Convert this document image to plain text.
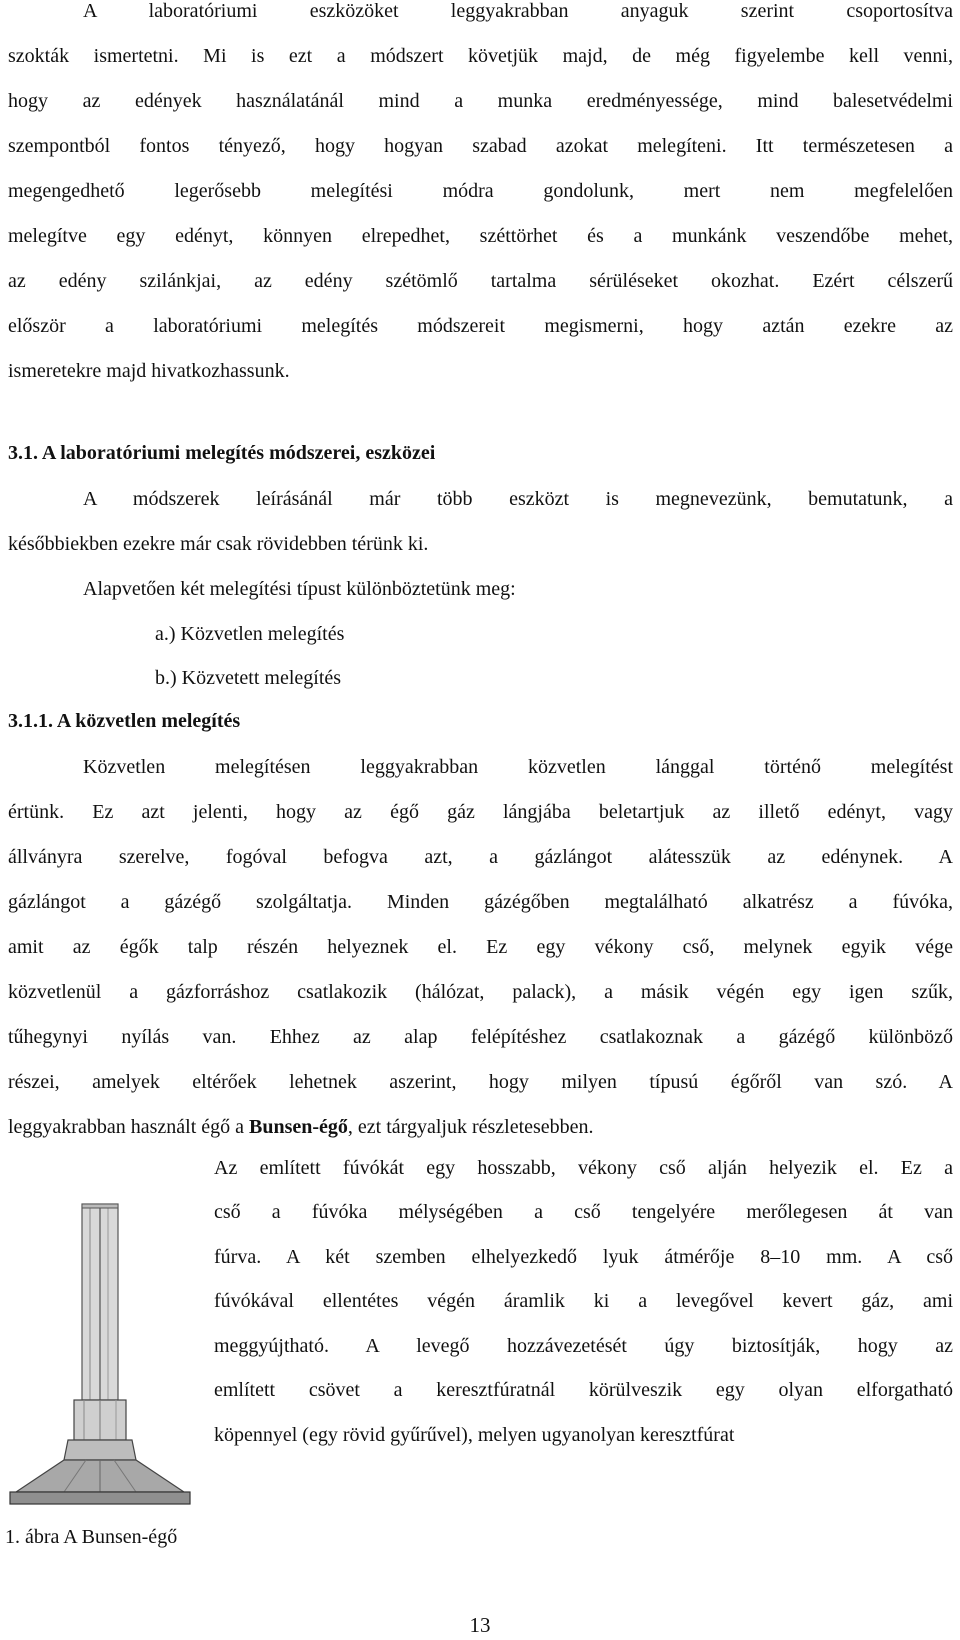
A laboratóriumi eszközöket leggyakrabban anyaguk szerint csoportosítva
szokták ismertetni. Mi is ezt a módszert követjük majd, de még figyelembe kell venni,
hogy az edények használatánál mind a munka eredményessége, mind balesetvédelmi
szempontból fontos tényező, hogy hogyan szabad azokat melegíteni. Itt természetesen a
megengedhető legerősebb melegítési módra gondolunk, mert nem megfelelően
melegítve egy edényt, könnyen elrepedhet, széttörhet és a munkánk veszendőbe mehet,
az edény szilánkjai, az edény szétömlő tartalma sérüléseket okozhat. Ezért célszerű
először a laboratóriumi melegítés módszereit megismerni, hogy aztán ezekre az
ismeretekre majd hivatkozhassunk.
3.1. A laboratóriumi melegítés módszerei, eszközei
A módszerek leírásánál már több eszközt is megnevezünk, bemutatunk, a
későbbiekben ezekre már csak rövidebben térünk ki.
Alapvetően két melegítési típust különböztetünk meg:
a.) Közvetlen melegítés
b.) Közvetett melegítés
3.1.1. A közvetlen melegítés
Közvetlen melegítésen leggyakrabban közvetlen lánggal történő melegítést
értünk. Ez azt jelenti, hogy az égő gáz lángjába beletartjuk az illető edényt, vagy
állványra szerelve, fogóval befogva azt, a gázlángot alátesszük az edénynek. A
gázlángot a gázégő szolgáltatja. Minden gázégőben megtalálható alkatrész a fúvóka,
amit az égők talp részén helyeznek el. Ez egy vékony cső, melynek egyik vége
közvetlenül a gázforráshoz csatlakozik (hálózat, palack), a másik végén egy igen szűk,
tűhegynyi nyílás van. Ehhez az alap felépítéshez csatlakoznak a gázégő különböző
részei, amelyek eltérőek lehetnek aszerint, hogy milyen típusú égőről van szó. A
leggyakrabban használt égő a Bunsen-égő, ezt tárgyaljuk részletesebben.
1. ábra A Bunsen-égő
Az említett fúvókát egy hosszabb, vékony cső alján helyezik el. Ez a
cső a fúvóka mélységében a cső tengelyére merőlegesen át van
fúrva. A két szemben elhelyezkedő lyuk átmérője 8–10 mm. A cső
fúvókával ellentétes végén áramlik ki a levegővel kevert gáz, ami
meggyújtható. A levegő hozzávezetését úgy biztosítják, hogy az
említett csövet a keresztfúratnál körülveszik egy olyan elforgatható
köpennyel (egy rövid gyűrűvel), melyen ugyanolyan keresztfúrat
13
